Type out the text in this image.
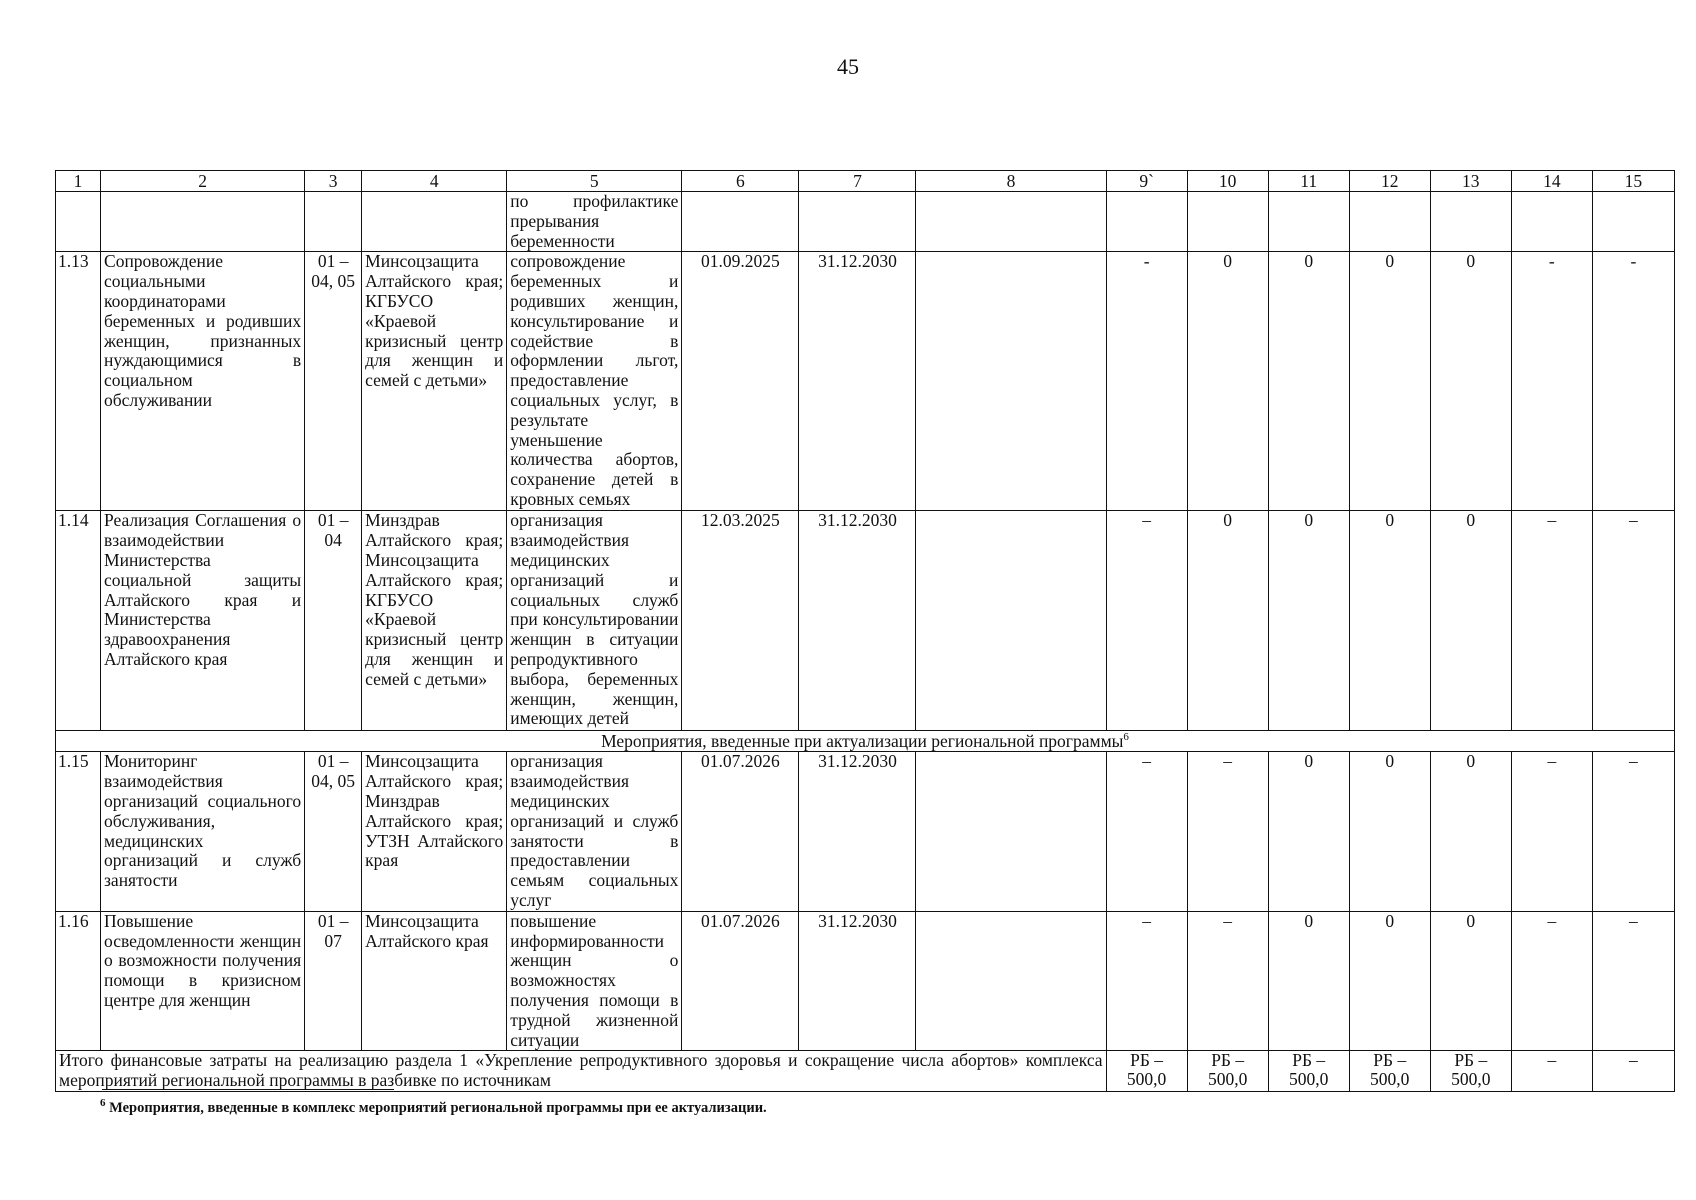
45
1	2	3	4	5	6	7	8	9`	10	11	12	13	14	15
				по профилактике прерывания беременности										
1.13	Сопровождение социальными координаторами беременных и родивших женщин, признанных нуждающимися в социальном обслуживании	01 – 04, 05	Минсоцзащита Алтайского края; КГБУСО «Краевой кризисный центр для женщин и семей с детьми»	сопровождение беременных и родивших женщин, консультирование и содействие в оформлении льгот, предоставление социальных услуг, в результате уменьшение количества абортов, сохранение детей в кровных семьях	01.09.2025	31.12.2030		-	0	0	0	0	-	-
1.14	Реализация Соглашения о взаимодействии Министерства социальной защиты Алтайского края и Министерства здравоохранения Алтайского края	01 – 04	Минздрав Алтайского края; Минсоцзащита Алтайского края; КГБУСО «Краевой кризисный центр для женщин и семей с детьми»	организация взаимодействия медицинских организаций и социальных служб при консультировании женщин в ситуации репродуктивного выбора, беременных женщин, женщин, имеющих детей	12.03.2025	31.12.2030		–	0	0	0	0	–	–
Мероприятия, введенные при актуализации региональной программы$^6$
1.15	Мониторинг взаимодействия организаций социального обслуживания, медицинских организаций и служб занятости	01 – 04, 05	Минсоцзащита Алтайского края; Минздрав Алтайского края; УТЗН Алтайского края	организация взаимодействия медицинских организаций и служб занятости в предоставлении семьям социальных услуг	01.07.2026	31.12.2030		–	–	0	0	0	–	–
1.16	Повышение осведомленности женщин о возможности получения помощи в кризисном центре для женщин	01 – 07	Минсоцзащита Алтайского края	повышение информированности женщин о возможностях получения помощи в трудной жизненной ситуации	01.07.2026	31.12.2030		–	–	0	0	0	–	–
Итого финансовые затраты на реализацию раздела 1 «Укрепление репродуктивного здоровья и сокращение числа абортов» комплекса мероприятий региональной программы в разбивке по источникам								РБ – 500,0	РБ – 500,0	РБ – 500,0	РБ – 500,0	РБ – 500,0	–	–
$^6$ Мероприятия, введенные в комплекс мероприятий региональной программы при ее актуализации.
